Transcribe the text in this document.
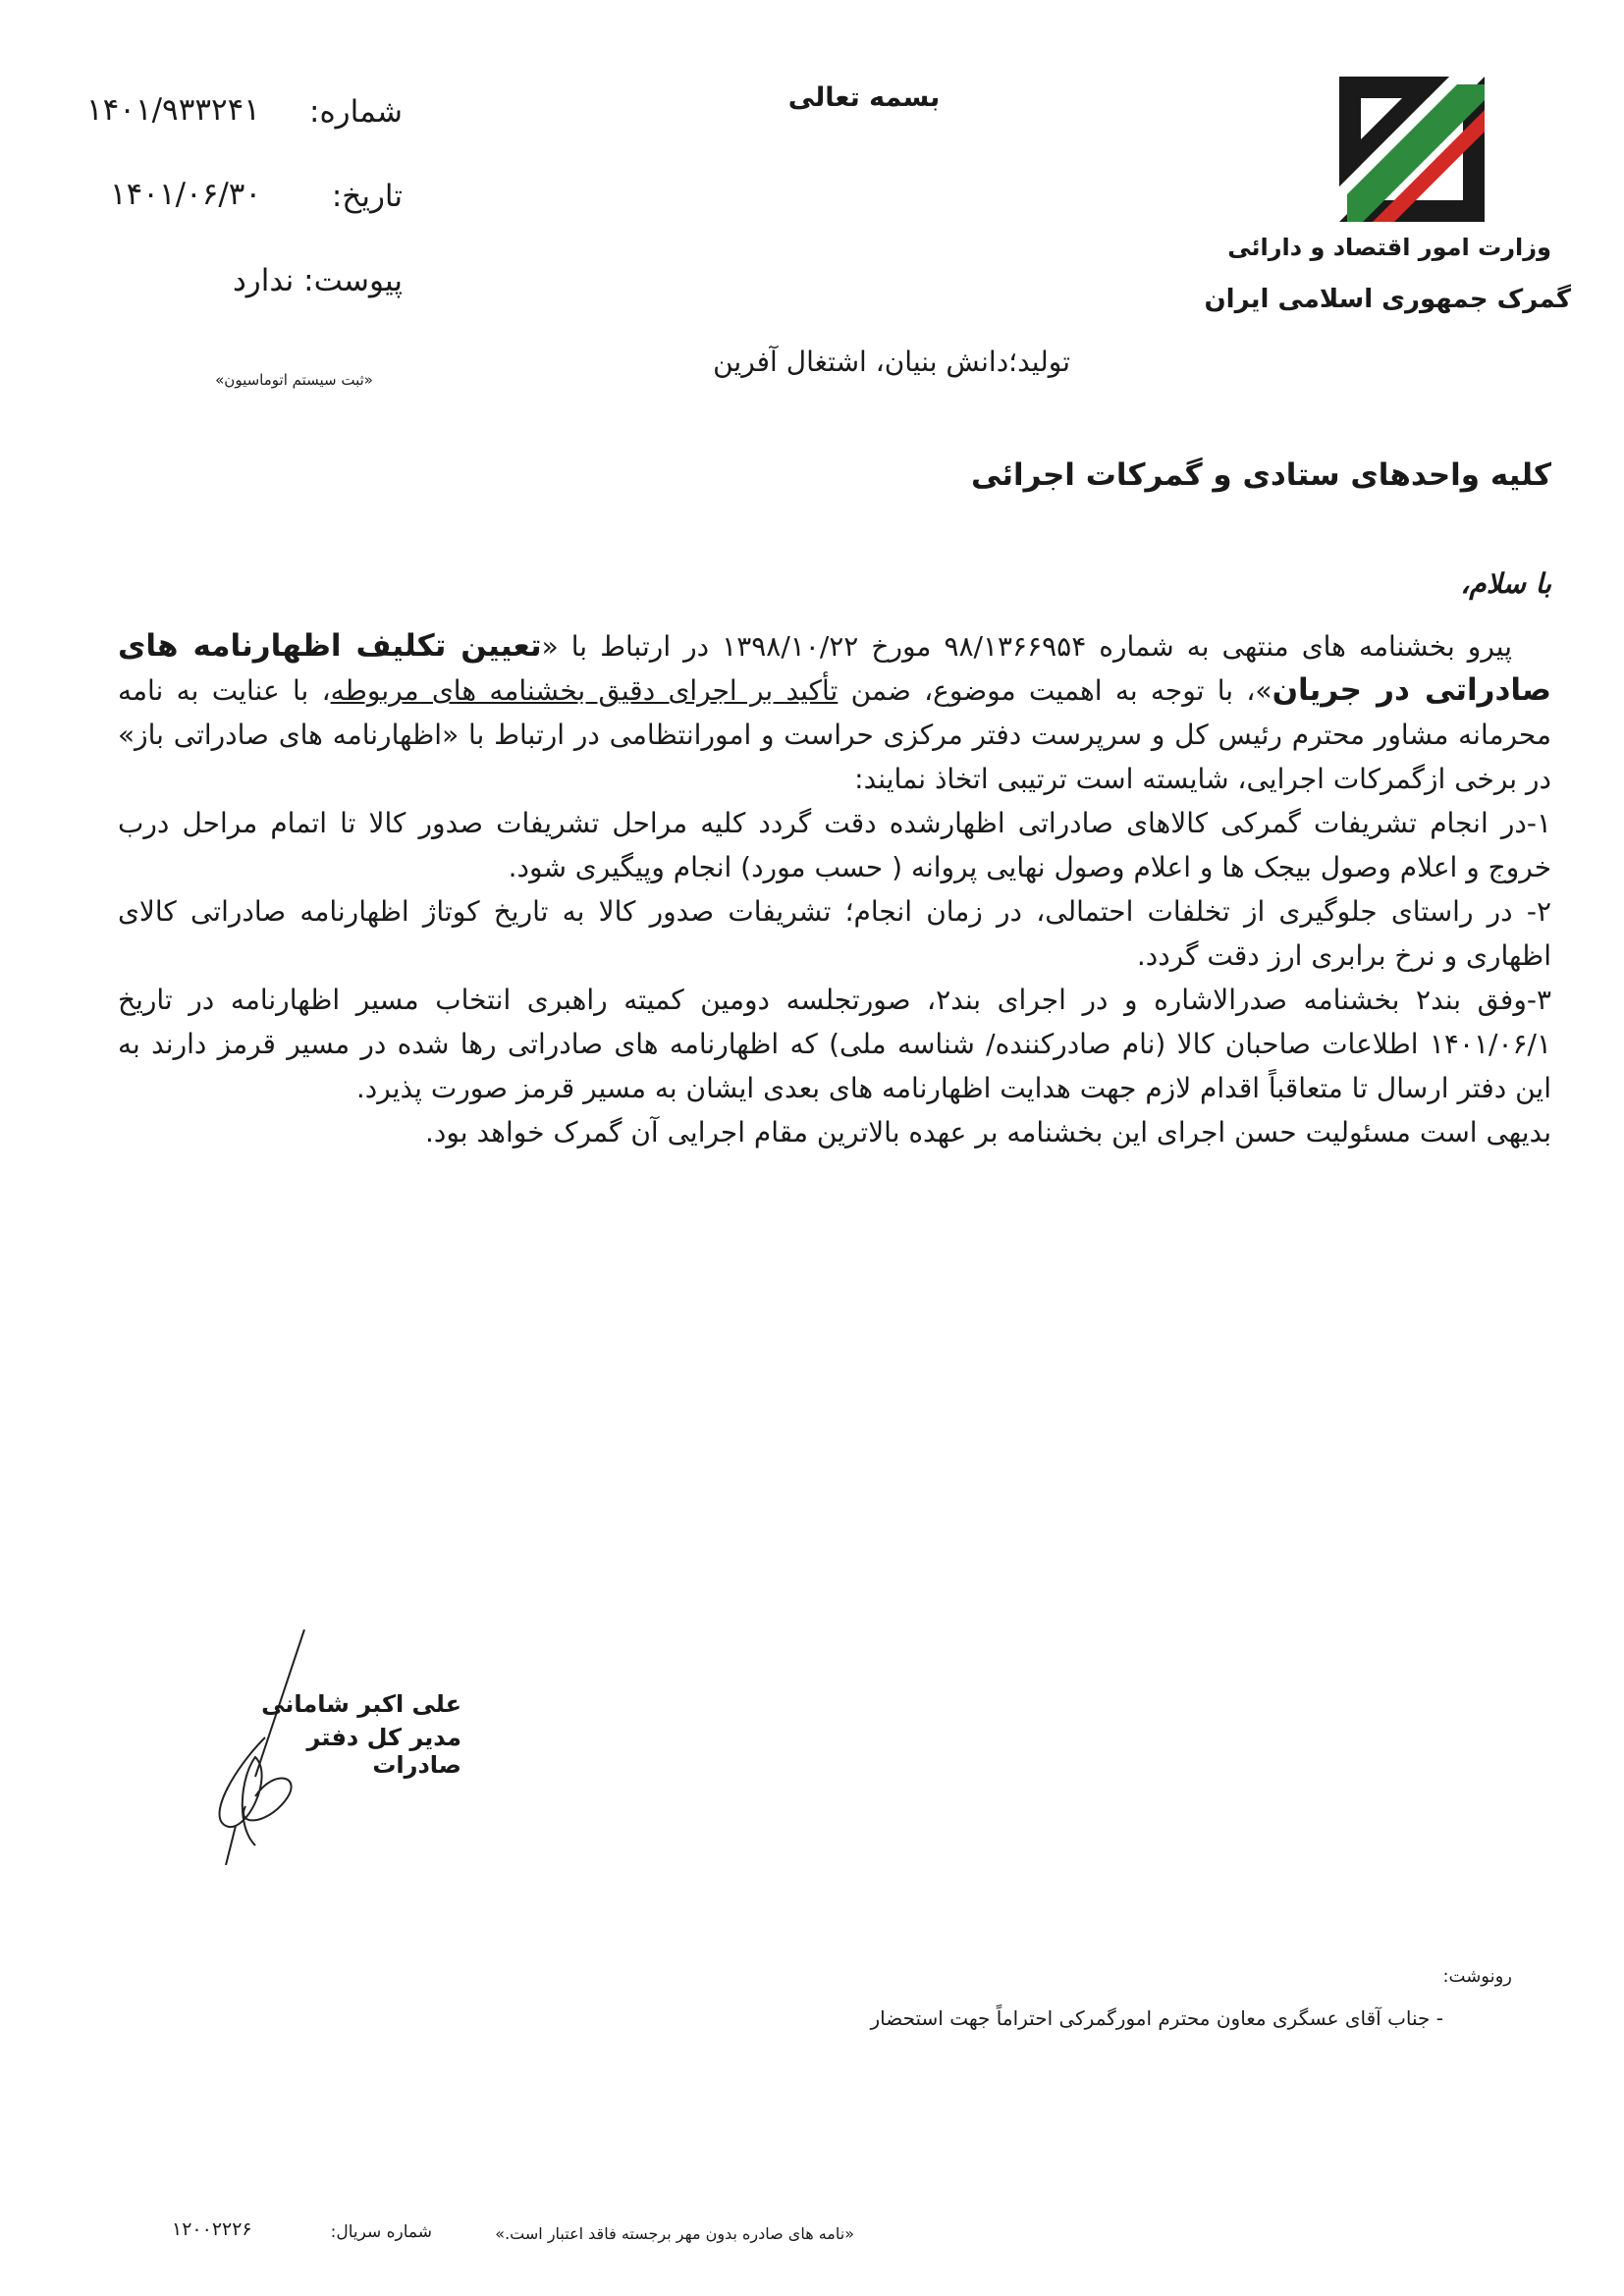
بسمه تعالی
وزارت امور اقتصاد و دارائی
گمرک جمهوری اسلامی ایران
شماره:
۱۴۰۱/۹۳۳۲۴۱
تاریخ:
۱۴۰۱/۰۶/۳۰
پیوست: ندارد
«ثبت سیستم اتوماسیون»
تولید؛دانش بنیان، اشتغال آفرین
کلیه واحدهای ستادی و گمرکات اجرائی
با سلام،

پیرو بخشنامه های منتهی به شماره ۹۸/۱۳۶۶۹۵۴ مورخ ۱۳۹۸/۱۰/۲۲ در ارتباط با «تعیین تکلیف اظهارنامه های صادراتی در جریان»، با توجه به اهمیت موضوع، ضمن تأکید بر اجرای دقیق بخشنامه های مربوطه، با عنایت به نامه محرمانه مشاور محترم رئیس کل و سرپرست دفتر مرکزی حراست و امورانتظامی در ارتباط با «اظهارنامه های صادراتی باز» در برخی ازگمرکات اجرایی، شایسته است ترتیبی اتخاذ نمایند:

۱-در انجام تشریفات گمرکی کالاهای صادراتی اظهارشده دقت گردد کلیه مراحل تشریفات صدور کالا تا اتمام مراحل درب خروج و اعلام وصول بیجک ها و اعلام وصول نهایی پروانه ( حسب مورد) انجام وپیگیری شود.

۲- در راستای جلوگیری از تخلفات احتمالی، در زمان انجام؛ تشریفات صدور کالا به تاریخ کوتاژ اظهارنامه صادراتی کالای اظهاری و نرخ برابری ارز دقت گردد.

۳-وفق بند۲ بخشنامه صدرالاشاره و در اجرای بند۲، صورتجلسه دومین کمیته راهبری انتخاب مسیر اظهارنامه در تاریخ ۱۴۰۱/۰۶/۱ اطلاعات صاحبان کالا (نام صادرکننده/ شناسه ملی) که اظهارنامه های صادراتی رها شده در مسیر قرمز دارند به این دفتر ارسال تا متعاقباً اقدام لازم جهت هدایت اظهارنامه های بعدی ایشان به مسیر قرمز صورت پذیرد.

بدیهی است مسئولیت حسن اجرای این بخشنامه بر عهده بالاترین مقام اجرایی آن گمرک خواهد بود.

علی اکبر شامانی
مدیر کل دفتر صادرات
رونوشت:
- جناب آقای عسگری معاون محترم امورگمرکی احتراماً جهت استحضار
«نامه های صادره بدون مهر برجسته فاقد اعتبار است.»
شماره سریال:
۱۲۰۰۲۲۲۶
